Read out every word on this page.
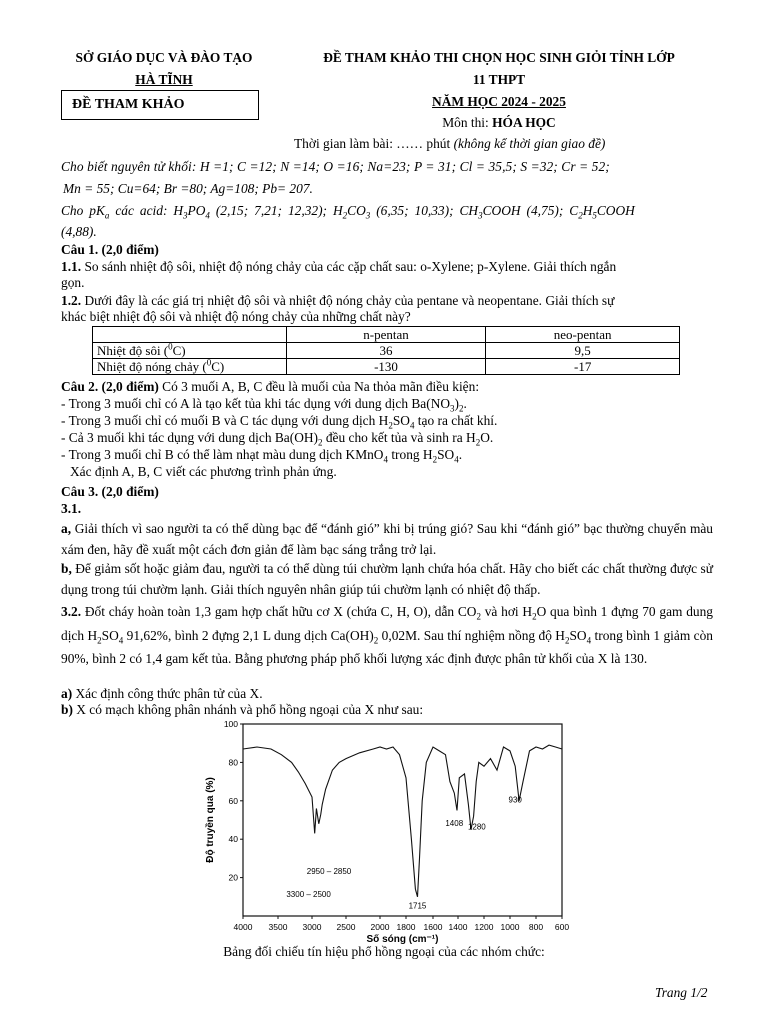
SỞ GIÁO DỤC VÀ ĐÀO TẠO
HÀ TĨNH
ĐỀ THAM KHẢO
ĐỀ THAM KHẢO THI CHỌN HỌC SINH GIỎI TỈNH LỚP
11 THPT
NĂM HỌC 2024 - 2025
Môn thi: HÓA HỌC
Thời gian làm bài: …… phút (không kể thời gian giao đề)
Cho biết nguyên tử khối: H =1; C =12; N =14; O =16; Na=23; P = 31; Cl = 35,5; S =32; Cr = 52;
Mn = 55; Cu=64; Br =80; Ag=108; Pb= 207.
Cho $pK_a$ các acid: $H_3PO_4$ (2,15; 7,21; 12,32); $H_2CO_3$ (6,35; 10,33); $CH_3COOH$ (4,75); $C_2H_5COOH$
(4,88).
Câu 1. (2,0 điểm)
1.1. So sánh nhiệt độ sôi, nhiệt độ nóng chảy của các cặp chất sau: o-Xylene; p-Xylene. Giải thích ngắn
gọn.
1.2. Dưới đây là các giá trị nhiệt độ sôi và nhiệt độ nóng chảy của pentane và neopentane. Giải thích sự
khác biệt nhiệt độ sôi và nhiệt độ nóng chảy của những chất này?
	n-pentan	neo-pentan
Nhiệt độ sôi ($^0$C)	36	9,5
Nhiệt độ nóng chảy ($^0$C)	-130	-17
Câu 2. (2,0 điểm) Có 3 muối A, B, C đều là muối của Na thỏa mãn điều kiện:
- Trong 3 muối chỉ có A là tạo kết tủa khi tác dụng với dung dịch $Ba(NO_3)_2$.
- Trong 3 muối chỉ có muối B và C tác dụng với dung dịch $H_2SO_4$ tạo ra chất khí.
- Cả 3 muối khi tác dụng với dung dịch $Ba(OH)_2$ đều cho kết tủa và sinh ra $H_2O$.
- Trong 3 muối chỉ B có thể làm nhạt màu dung dịch KMnO$_4$ trong $H_2SO_4$.
Xác định A, B, C viết các phương trình phản ứng.
Câu 3. (2,0 điểm)
3.1.
a, Giải thích vì sao người ta có thể dùng bạc để “đánh gió” khi bị trúng gió? Sau khi “đánh gió” bạc thường chuyển màu xám đen, hãy đề xuất một cách đơn giản để làm bạc sáng trắng trở lại.
b, Để giảm sốt hoặc giảm đau, người ta có thể dùng túi chườm lạnh chứa hóa chất. Hãy cho biết các chất thường được sử dụng trong túi chườm lạnh. Giải thích nguyên nhân giúp túi chườm lạnh có nhiệt độ thấp.
3.2. Đốt cháy hoàn toàn 1,3 gam hợp chất hữu cơ X (chứa C, H, O), dẫn $CO_2$ và hơi $H_2O$ qua bình 1 đựng 70 gam dung dịch $H_2SO_4$ 91,62%, bình 2 đựng 2,1 L dung dịch $Ca(OH)_2$ 0,02M. Sau thí nghiệm nồng độ $H_2SO_4$ trong bình 1 giảm còn 90%, bình 2 có 1,4 gam kết tủa. Bằng phương pháp phổ khối lượng xác định được phân tử khối của X là 130.
a) Xác định công thức phân tử của X.
b) X có mạch không phân nhánh và phổ hồng ngoại của X như sau:
4000 3500 3000 2500 2000 1800 1600 1400 1200 1000 800 600
100
80
60
40
20
2950 – 2850
3300 – 2500
1715
1408 1280
930
Số sóng (cm⁻¹)
Độ truyền qua (%)
Bảng đối chiếu tín hiệu phổ hồng ngoại của các nhóm chức:
Trang 1/2
